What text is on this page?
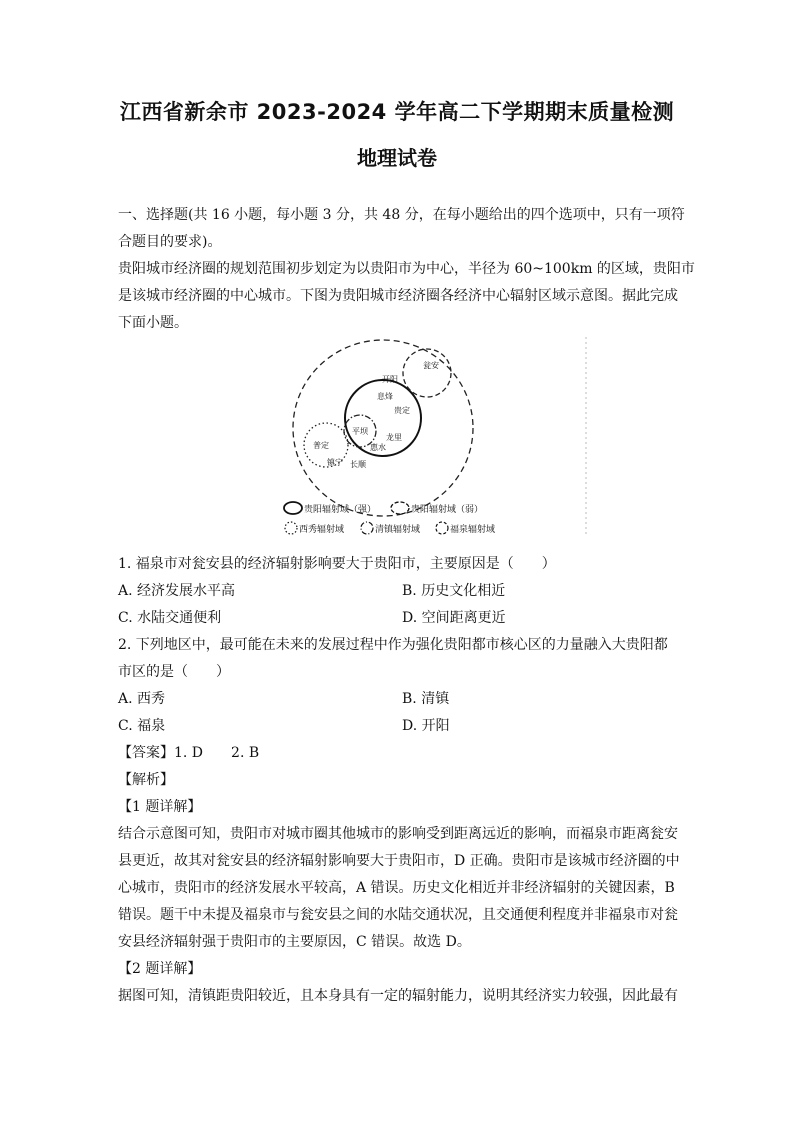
江西省新余市 2023-2024 学年高二下学期期末质量检测
地理试卷
一、选择题(共 16 小题，每小题 3 分，共 48 分，在每小题给出的四个选项中，只有一项符
合题目的要求)。
贵阳城市经济圈的规划范围初步划定为以贵阳市为中心，半径为 60~100km 的区域，贵阳市
是该城市经济圈的中心城市。下图为贵阳城市经济圈各经济中心辐射区域示意图。据此完成
下面小题。
开阳
瓮安
息烽
贵定
平坝
龙里
惠水
普定
镇宁 长顺
贵阳辐射域（强）	贵阳辐射域（弱）
西秀辐射域	清镇辐射域	福泉辐射域
1. 福泉市对瓮安县的经济辐射影响要大于贵阳市，主要原因是（　　）
A. 经济发展水平高	B. 历史文化相近
C. 水陆交通便利	D. 空间距离更近
2. 下列地区中，最可能在未来的发展过程中作为强化贵阳都市核心区的力量融入大贵阳都
市区的是（　　）
A. 西秀	B. 清镇
C. 福泉	D. 开阳
【答案】1. D　　2. B
【解析】
【1 题详解】
结合示意图可知，贵阳市对城市圈其他城市的影响受到距离远近的影响，而福泉市距离瓮安
县更近，故其对瓮安县的经济辐射影响要大于贵阳市，D 正确。贵阳市是该城市经济圈的中
心城市，贵阳市的经济发展水平较高，A 错误。历史文化相近并非经济辐射的关键因素，B
错误。题干中未提及福泉市与瓮安县之间的水陆交通状况，且交通便利程度并非福泉市对瓮
安县经济辐射强于贵阳市的主要原因，C 错误。故选 D。
【2 题详解】
据图可知，清镇距贵阳较近，且本身具有一定的辐射能力，说明其经济实力较强，因此最有
